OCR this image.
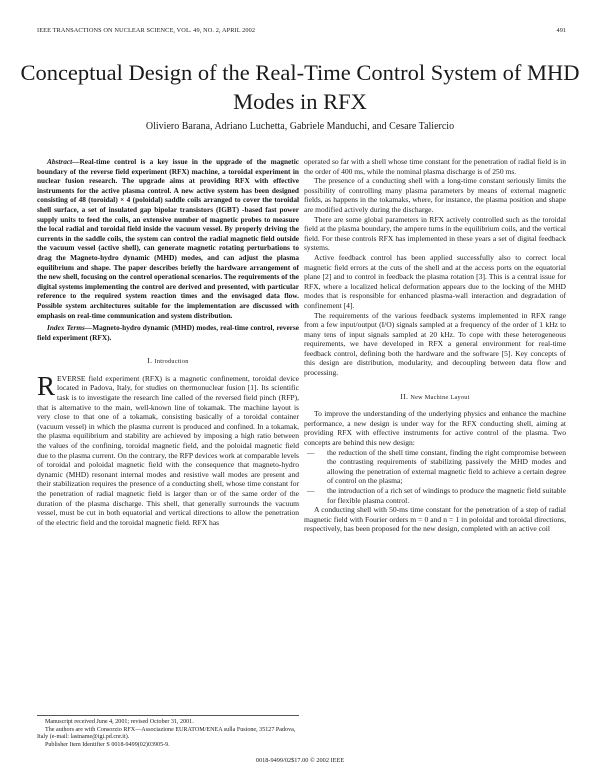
IEEE TRANSACTIONS ON NUCLEAR SCIENCE, VOL. 49, NO. 2, APRIL 2002	491
Conceptual Design of the Real-Time Control System of MHD Modes in RFX
Oliviero Barana, Adriano Luchetta, Gabriele Manduchi, and Cesare Taliercio

Abstract—Real-time control is a key issue in the upgrade of the magnetic boundary of the reverse field experiment (RFX) machine, a toroidal experiment in nuclear fusion research. The upgrade aims at providing RFX with effective instruments for the active plasma control. A new active system has been designed consisting of 48 (toroidal) × 4 (poloidal) saddle coils arranged to cover the toroidal shell surface, a set of insulated gap bipolar transistors (IGBT) -based fast power supply units to feed the coils, an extensive number of magnetic probes to measure the local radial and toroidal field inside the vacuum vessel. By properly driving the currents in the saddle coils, the system can control the radial magnetic field outside the vacuum vessel (active shell), can generate magnetic rotating perturbations to drag the Magneto-hydro dynamic (MHD) modes, and can adjust the plasma equilibrium and shape. The paper describes briefly the hardware arrangement of the new shell, focusing on the control operational scenarios. The requirements of the digital systems implementing the control are derived and presented, with particular reference to the required system reaction times and the envisaged data flow. Possible system architectures suitable for the implementation are discussed with emphasis on real-time communication and system distribution.

Index Terms—Magneto-hydro dynamic (MHD) modes, real-time control, reverse field experiment (RFX).

I. Introduction

REVERSE field experiment (RFX) is a magnetic confinement, toroidal device located in Padova, Italy, for studies on thermonuclear fusion [1]. Its scientific task is to investigate the research line called of the reversed field pinch (RFP), that is alternative to the main, well-known line of tokamak. The machine layout is very close to that one of a tokamak, consisting basically of a toroidal container (vacuum vessel) in which the plasma current is produced and confined. In a tokamak, the plasma equilibrium and stability are achieved by imposing a high ratio between the values of the confining, toroidal magnetic field, and the poloidal magnetic field due to the plasma current. On the contrary, the RFP devices work at comparable levels of toroidal and poloidal magnetic field with the consequence that magneto-hydro dynamic (MHD) resonant internal modes and resistive wall modes are present and their stabilization requires the presence of a conducting shell, whose time constant for the penetration of radial magnetic field is larger than or of the same order of the duration of the plasma discharge. This shell, that generally surrounds the vacuum vessel, must be cut in both equatorial and vertical directions to allow the penetration of the electric field and the toroidal magnetic field. RFX has

operated so far with a shell whose time constant for the penetration of radial field is in the order of 400 ms, while the nominal plasma discharge is of 250 ms.

The presence of a conducting shell with a long-time constant seriously limits the possibility of controlling many plasma parameters by means of external magnetic fields, as happens in the tokamaks, where, for instance, the plasma position and shape are modified actively during the discharge.

There are some global parameters in RFX actively controlled such as the toroidal field at the plasma boundary, the ampere turns in the equilibrium coils, and the vertical field. For these controls RFX has implemented in these years a set of digital feedback systems.

Active feedback control has been applied successfully also to correct local magnetic field errors at the cuts of the shell and at the access ports on the equatorial plane [2] and to control in feedback the plasma rotation [3]. This is a central issue for RFX, where a localized helical deformation appears due to the locking of the MHD modes that is responsible for enhanced plasma-wall interaction and degradation of confinement [4].

The requirements of the various feedback systems implemented in RFX range from a few input/output (I/O) signals sampled at a frequency of the order of 1 kHz to many tens of input signals sampled at 20 kHz. To cope with these heterogeneous requirements, we have developed in RFX a general environment for real-time feedback control, defining both the hardware and the software [5]. Key concepts of this design are distribution, modularity, and decoupling between data flow and processing.

II. New Machine Layout

To improve the understanding of the underlying physics and enhance the machine performance, a new design is under way for the RFX conducting shell, aiming at providing RFX with effective instruments for active control of the plasma. Two concepts are behind this new design:

—	the reduction of the shell time constant, finding the right compromise between the contrasting requirements of stabilizing passively the MHD modes and allowing the penetration of external magnetic field to achieve a certain degree of control on the plasma;
—	the introduction of a rich set of windings to produce the magnetic field suitable for flexible plasma control.

A conducting shell with 50-ms time constant for the penetration of a step of radial magnetic field with Fourier orders m = 0 and n = 1 in poloidal and toroidal directions, respectively, has been proposed for the new design, completed with an active coil

Manuscript received June 4, 2001; revised October 31, 2001.
The authors are with Consorzio RFX—Associazione EURATOM/ENEA sulla Fusione, 35127 Padova, Italy (e-mail: lastname@igi.pd.cnr.it).
Publisher Item Identifier S 0018-9499(02)03905-9.
0018-9499/02$17.00 © 2002 IEEE
